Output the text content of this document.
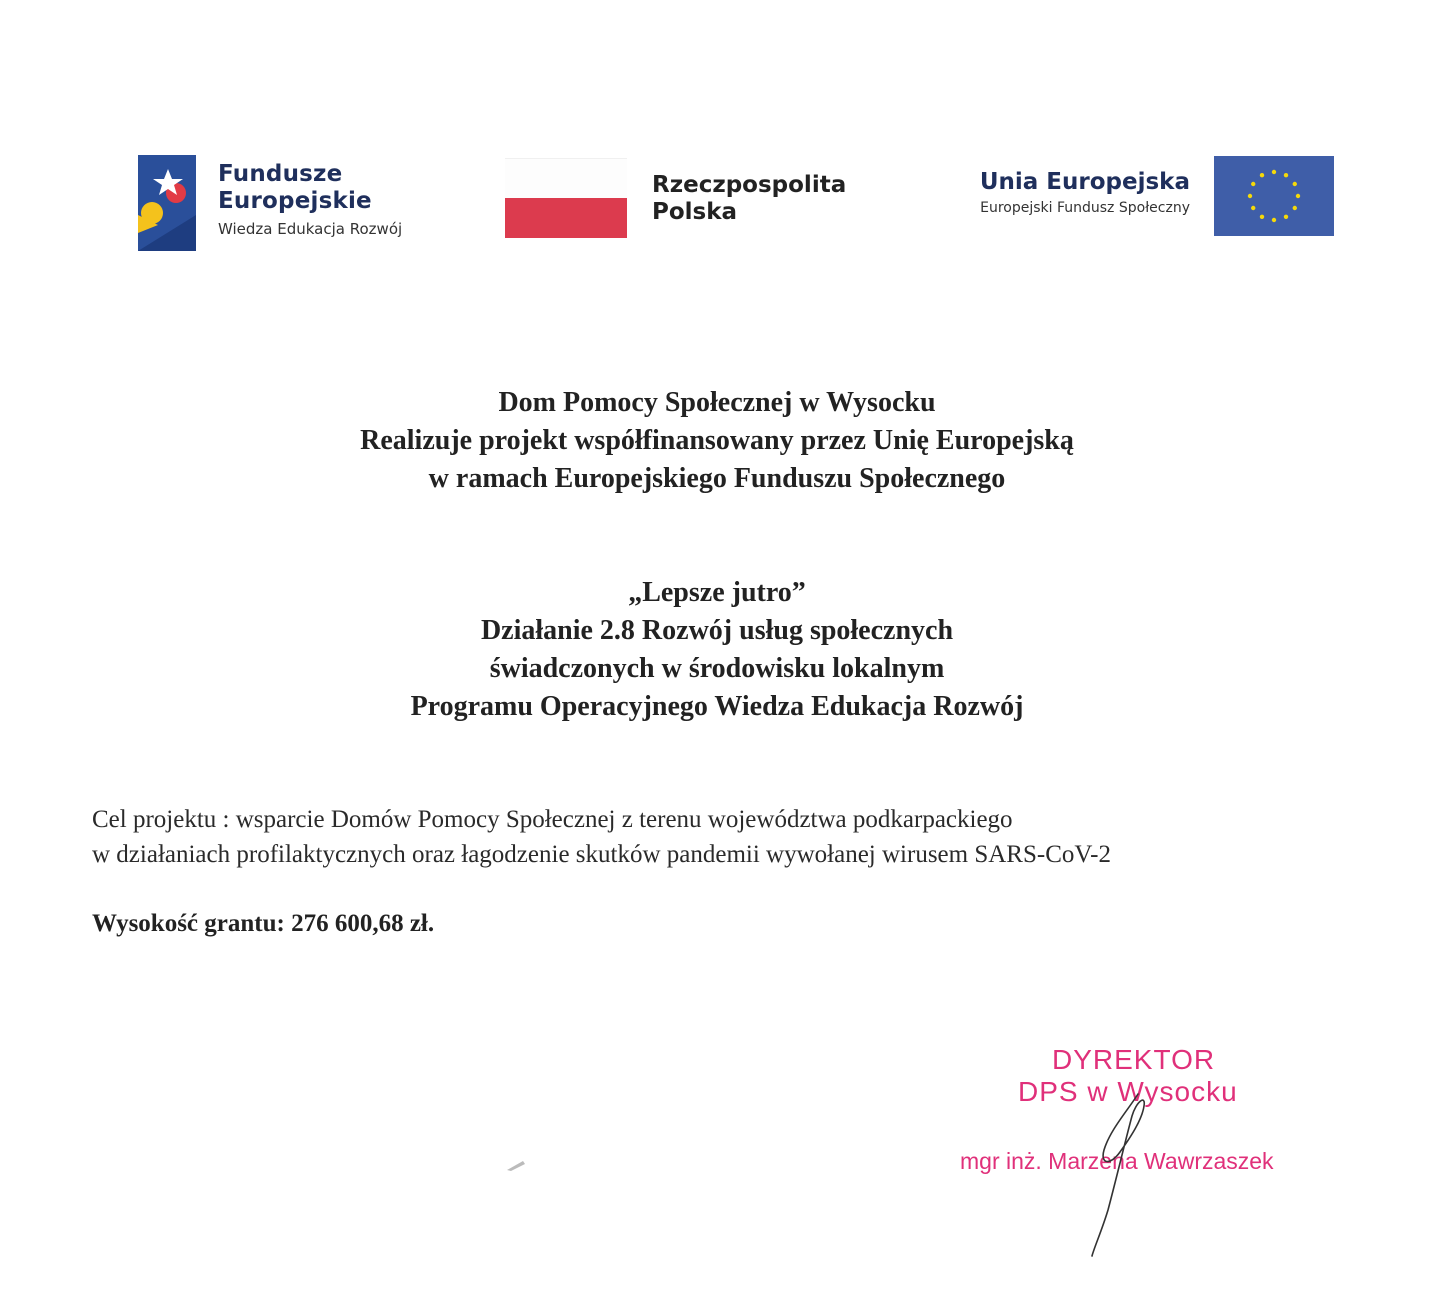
Fundusze
Europejskie
Wiedza Edukacja Rozwój
Rzeczpospolita
Polska
Unia Europejska
Europejski Fundusz Społeczny
Dom Pomocy Społecznej w Wysocku
Realizuje projekt współfinansowany przez Unię Europejską
w ramach Europejskiego Funduszu Społecznego
„Lepsze jutro”
Działanie 2.8 Rozwój usług społecznych
świadczonych w środowisku lokalnym
Programu Operacyjnego Wiedza Edukacja Rozwój
Cel projektu : wsparcie Domów Pomocy Społecznej z terenu województwa podkarpackiego
w działaniach profilaktycznych oraz łagodzenie skutków pandemii wywołanej wirusem SARS-CoV-2
Wysokość grantu: 276 600,68 zł.
DYREKTOR
DPS w Wysocku
mgr inż. Marzena Wawrzaszek
